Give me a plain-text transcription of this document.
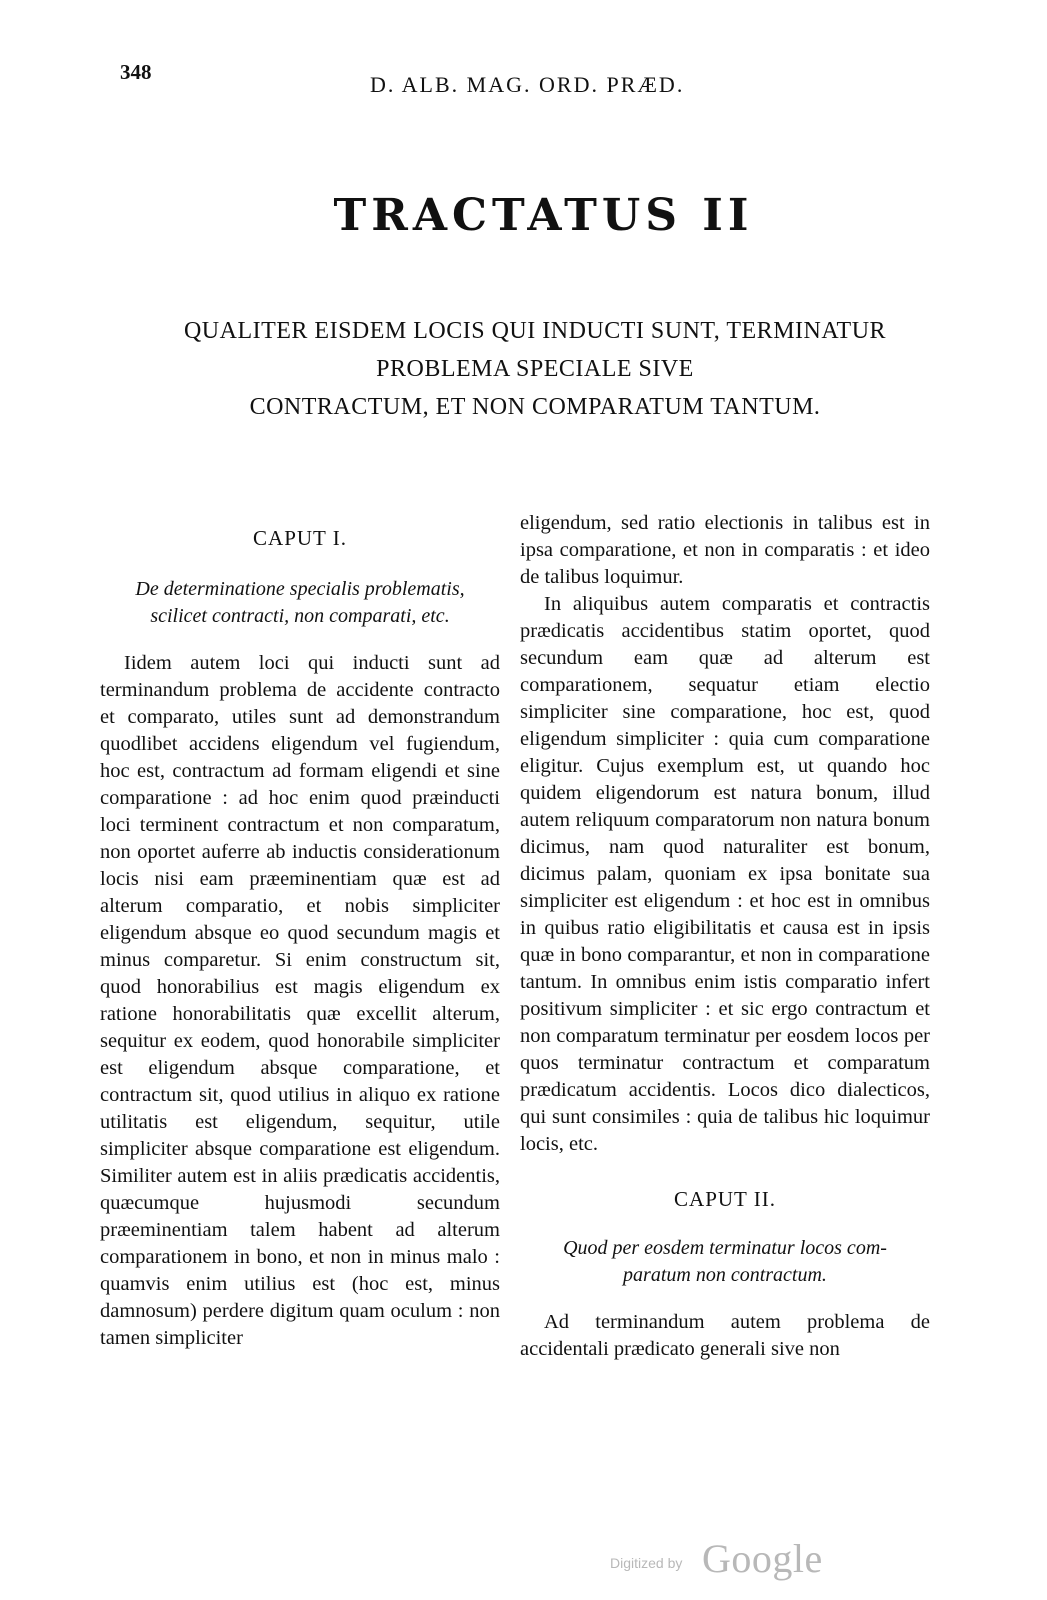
348	D. ALB. MAG. ORD. PRÆD.
TRACTATUS II
QUALITER EISDEM LOCIS QUI INDUCTI SUNT, TERMINATUR
PROBLEMA SPECIALE SIVE
CONTRACTUM, ET NON COMPARATUM TANTUM.

CAPUT I.

De determinatione specialis problematis,
scilicet contracti, non comparati, etc.

Iidem autem loci qui inducti sunt ad terminandum problema de accidente contracto et comparato, utiles sunt ad demonstrandum quodlibet accidens eligendum vel fugiendum, hoc est, contractum ad formam eligendi et sine comparatione : ad hoc enim quod præinducti loci terminent contractum et non comparatum, non oportet auferre ab inductis considerationum locis nisi eam præeminentiam quæ est ad alterum comparatio, et nobis simpliciter eligendum absque eo quod secundum magis et minus comparetur. Si enim constructum sit, quod honorabilius est magis eligendum ex ratione honorabilitatis quæ excellit alterum, sequitur ex eodem, quod honorabile simpliciter est eligendum absque comparatione, et contractum sit, quod utilius in aliquo ex ratione utilitatis est eligendum, sequitur, utile simpliciter absque comparatione est eligendum. Similiter autem est in aliis prædicatis accidentis, quæcumque hujusmodi secundum præeminentiam talem habent ad alterum comparationem in bono, et non in minus malo : quamvis enim utilius est (hoc est, minus damnosum) perdere digitum quam oculum : non tamen simpliciter

eligendum, sed ratio electionis in talibus est in ipsa comparatione, et non in comparatis : et ideo de talibus loquimur.

In aliquibus autem comparatis et contractis prædicatis accidentibus statim oportet, quod secundum eam quæ ad alterum est comparationem, sequatur etiam electio simpliciter sine comparatione, hoc est, quod eligendum simpliciter : quia cum comparatione eligitur. Cujus exemplum est, ut quando hoc quidem eligendorum est natura bonum, illud autem reliquum comparatorum non natura bonum dicimus, nam quod naturaliter est bonum, dicimus palam, quoniam ex ipsa bonitate sua simpliciter est eligendum : et hoc est in omnibus in quibus ratio eligibilitatis et causa est in ipsis quæ in bono comparantur, et non in comparatione tantum. In omnibus enim istis comparatio infert positivum simpliciter : et sic ergo contractum et non comparatum terminatur per eosdem locos per quos terminatur contractum et comparatum prædicatum accidentis. Locos dico dialecticos, qui sunt consimiles : quia de talibus hic loquimur locis, etc.

CAPUT II.

Quod per eosdem terminatur locos com-
paratum non contractum.

Ad terminandum autem problema de accidentali prædicato generali sive non

Digitized by Google
